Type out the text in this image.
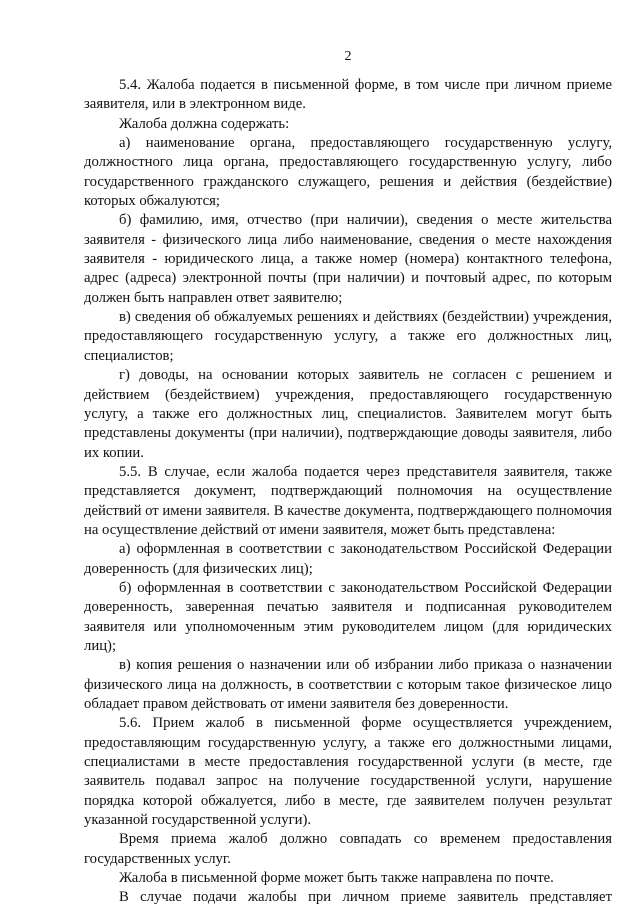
2

5.4. Жалоба подается в письменной форме, в том числе при личном приеме заявителя, или в электронном виде.

Жалоба должна содержать:

а) наименование органа, предоставляющего государственную услугу, должностного лица органа, предоставляющего государственную услугу, либо государственного гражданского служащего, решения и действия (бездействие) которых обжалуются;

б) фамилию, имя, отчество (при наличии), сведения о месте жительства заявителя - физического лица либо наименование, сведения о месте нахождения заявителя - юридического лица, а также номер (номера) контактного телефона, адрес (адреса) электронной почты (при наличии) и почтовый адрес, по которым должен быть направлен ответ заявителю;

в) сведения об обжалуемых решениях и действиях (бездействии) учреждения, предоставляющего государственную услугу, а также его должностных лиц, специалистов;

г) доводы, на основании которых заявитель не согласен с решением и действием (бездействием) учреждения, предоставляющего государственную услугу, а также его должностных лиц, специалистов. Заявителем могут быть представлены документы (при наличии), подтверждающие доводы заявителя, либо их копии.

5.5. В случае, если жалоба подается через представителя заявителя, также представляется документ, подтверждающий полномочия на осуществление действий от имени заявителя. В качестве документа, подтверждающего полномочия на осуществление действий от имени заявителя, может быть представлена:

а) оформленная в соответствии с законодательством Российской Федерации доверенность (для физических лиц);

б) оформленная в соответствии с законодательством Российской Федерации доверенность, заверенная печатью заявителя и подписанная руководителем заявителя или уполномоченным этим руководителем лицом (для юридических лиц);

в) копия решения о назначении или об избрании либо приказа о назначении физического лица на должность, в соответствии с которым такое физическое лицо обладает правом действовать от имени заявителя без доверенности.

5.6. Прием жалоб в письменной форме осуществляется учреждением, предоставляющим государственную услугу, а также его должностными лицами, специалистами в месте предоставления государственной услуги (в месте, где заявитель подавал запрос на получение государственной услуги, нарушение порядка которой обжалуется, либо в месте, где заявителем получен результат указанной государственной услуги).

Время приема жалоб должно совпадать со временем предоставления государственных услуг.

Жалоба в письменной форме может быть также направлена по почте.

В случае подачи жалобы при личном приеме заявитель представляет
